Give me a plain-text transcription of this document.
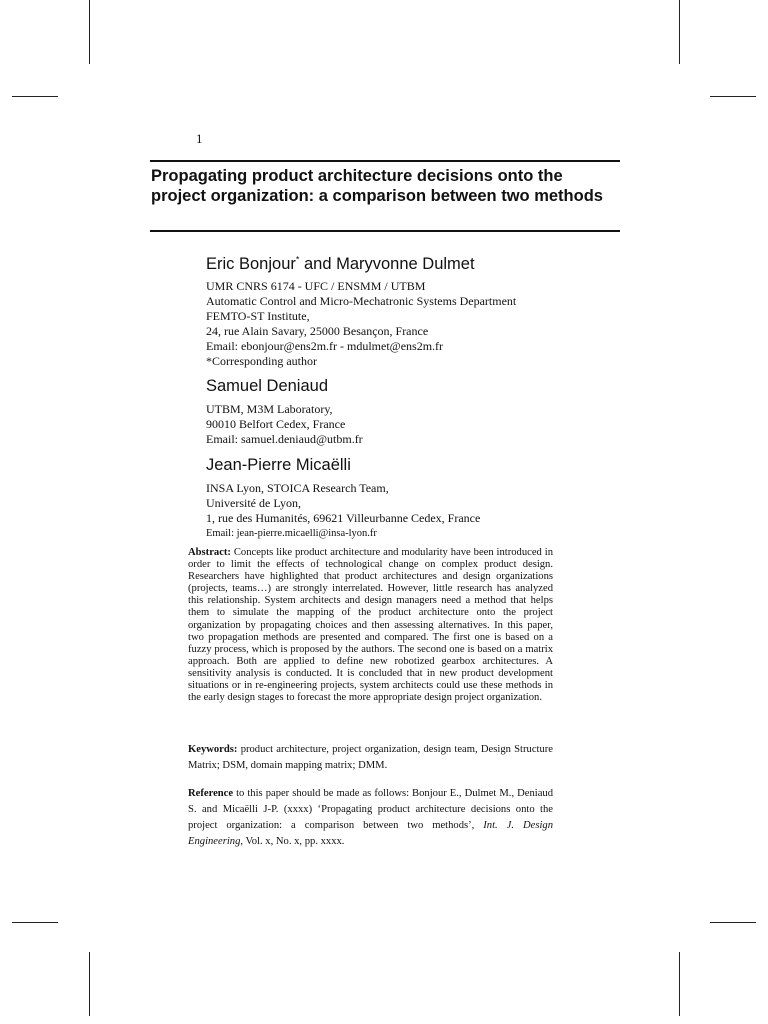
1
Propagating product architecture decisions onto the project organization: a comparison between two methods

Eric Bonjour* and Maryvonne Dulmet

UMR CNRS 6174 - UFC / ENSMM / UTBM
Automatic Control and Micro-Mechatronic Systems Department
FEMTO-ST Institute,
24, rue Alain Savary, 25000 Besançon, France
Email: ebonjour@ens2m.fr - mdulmet@ens2m.fr
*Corresponding author

Samuel Deniaud

UTBM, M3M Laboratory,
90010 Belfort Cedex, France
Email: samuel.deniaud@utbm.fr

Jean-Pierre Micaëlli

INSA Lyon, STOICA Research Team,
Université de Lyon,
1, rue des Humanités, 69621 Villeurbanne Cedex, France
Email: jean-pierre.micaelli@insa-lyon.fr

Abstract: Concepts like product architecture and modularity have been introduced in order to limit the effects of technological change on complex product design. Researchers have highlighted that product architectures and design organizations (projects, teams…) are strongly interrelated. However, little research has analyzed this relationship. System architects and design managers need a method that helps them to simulate the mapping of the product architecture onto the project organization by propagating choices and then assessing alternatives. In this paper, two propagation methods are presented and compared. The first one is based on a fuzzy process, which is proposed by the authors. The second one is based on a matrix approach. Both are applied to define new robotized gearbox architectures. A sensitivity analysis is conducted. It is concluded that in new product development situations or in re-engineering projects, system architects could use these methods in the early design stages to forecast the more appropriate design project organization.

Keywords: product architecture, project organization, design team, Design Structure Matrix; DSM, domain mapping matrix; DMM.

Reference to this paper should be made as follows: Bonjour E., Dulmet M., Deniaud S. and Micaëlli J-P. (xxxx) ‘Propagating product architecture decisions onto the project organization: a comparison between two methods’, Int. J. Design Engineering, Vol. x, No. x, pp. xxxx.
